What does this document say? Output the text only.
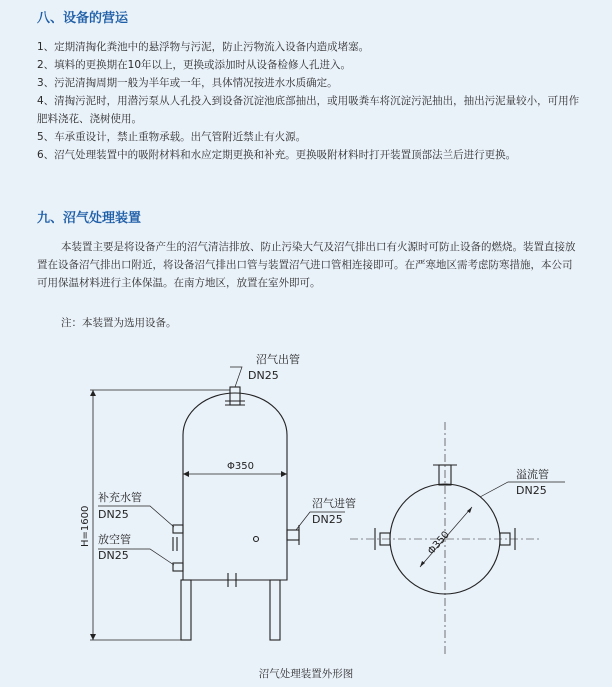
八、设备的营运
1、定期清掏化粪池中的悬浮物与污泥，防止污物流入设备内造成堵塞。
2、填料的更换期在10年以上，更换或添加时从设备检修人孔进入。
3、污泥清掏周期一般为半年或一年，具体情况按进水水质确定。
4、清掏污泥时，用潜污泵从人孔投入到设备沉淀池底部抽出，或用吸粪车将沉淀污泥抽出，抽出污泥量较小，可用作肥料浇花、浇树使用。
5、车承重设计，禁止重物承载。出气管附近禁止有火源。
6、沼气处理装置中的吸附材料和水应定期更换和补充。更换吸附材料时打开装置顶部法兰后进行更换。
九、沼气处理装置

本装置主要是将设备产生的沼气清洁排放、防止污染大气及沼气排出口有火源时可防止设备的燃烧。装置直接放置在设备沼气排出口附近，将设备沼气排出口管与装置沼气进口管相连接即可。在严寒地区需考虑防寒措施，本公司可用保温材料进行主体保温。在南方地区，放置在室外即可。

注：本装置为选用设备。

沼气出管
DN25
H=1600
Φ350
补充水管
DN25
放空管
DN25
沼气进管
DN25
溢流管
DN25
Φ350

沼气处理装置外形图
